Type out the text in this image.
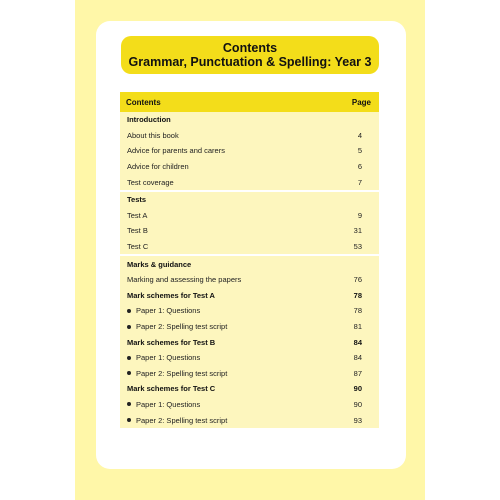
Contents
Grammar, Punctuation & Spelling: Year 3
Contents	Page
Introduction
About this book	4
Advice for parents and carers	5
Advice for children	6
Test coverage	7
Tests
Test A	9
Test B	31
Test C	53
Marks & guidance
Marking and assessing the papers	76
Mark schemes for Test A	78
Paper 1: Questions	78
Paper 2: Spelling test script	81
Mark schemes for Test B	84
Paper 1: Questions	84
Paper 2: Spelling test script	87
Mark schemes for Test C	90
Paper 1: Questions	90
Paper 2: Spelling test script	93
